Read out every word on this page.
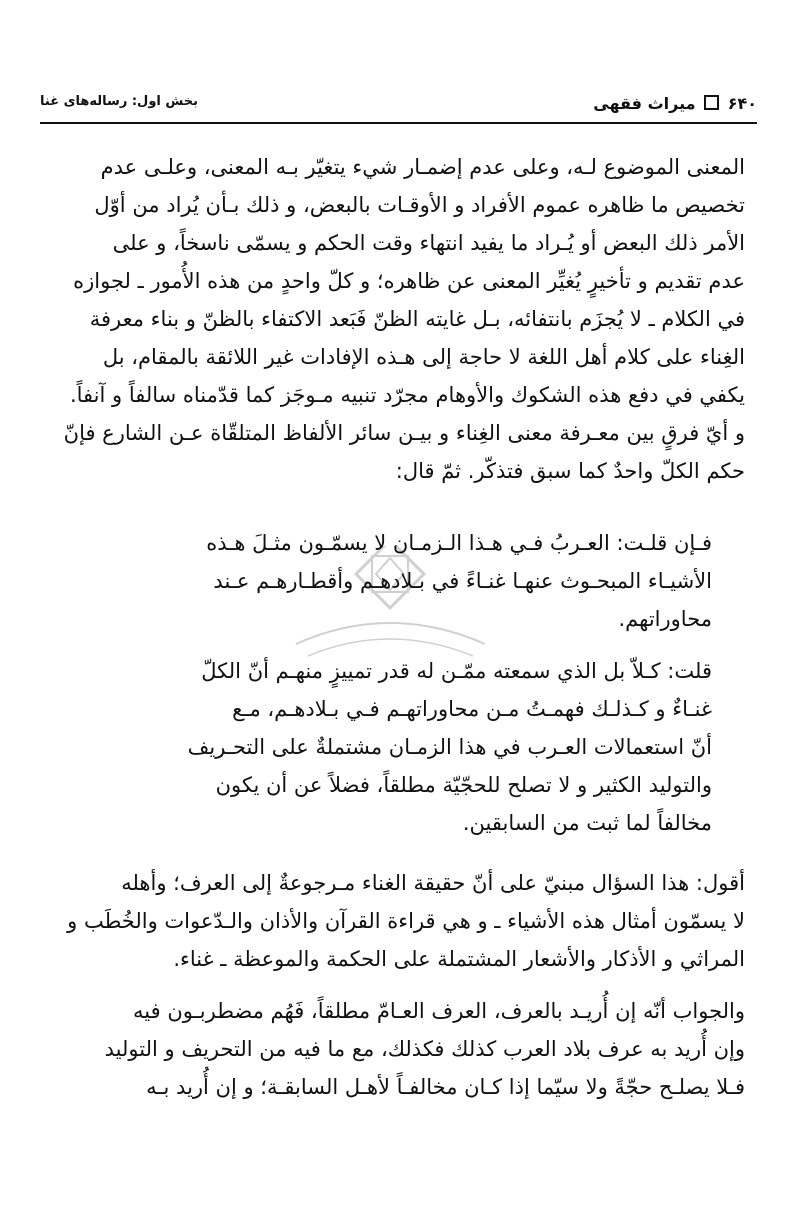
۶۴۰  میراث فقهی
بخش اول: رساله‌های غنا
المعنى الموضوع لـه، وعلى عدم إضمـار شيء يتغيّر بـه المعنى، وعلـى عدم
تخصيص ما ظاهره عموم الأفراد و الأوقـات بالبعض، و ذلك بـأن يُراد من أوّل
الأمر ذلك البعض أو يُـراد ما يفيد انتهاء وقت الحكم و يسمّى ناسخاً، و على
عدم تقديم و تأخيرٍ يُغيِّر المعنى عن ظاهره؛ و كلّ واحدٍ من هذه الأُمور ـ لجوازه
في الكلام ـ لا يُجزَم بانتفائه، بـل غايته الظنّ فَبَعد الاكتفاء بالظنّ و بناء معرفة
الغِناء على كلام أهل اللغة لا حاجة إلى هـذه الإفادات غير اللائقة بالمقام، بل
يكفي في دفع هذه الشكوك والأوهام مجرّد تنبيه مـوجَز كما قدّمناه سالفاً و آنفاً.
و أيّ فرقٍ بين معـرفة معنى الغِناء و بيـن سائر الألفاظ المتلقّاة عـن الشارع فإنّ
حكم الكلّ واحدٌ كما سبق فتذكّر. ثمّ قال:
فـإن قلـت: العـربُ فـي هـذا الـزمـان لا يسمّـون مثـلَ هـذه
الأشيـاء المبحـوث عنهـا غنـاءً في بـلادهـم وأقطـارهـم عـند
محاوراتهم.
قلت: كـلاّ بل الذي سمعته ممّـن له قدر تمييزٍ منهـم أنّ الكلّ
غنـاءٌ و كـذلـك فهمـتُ مـن محاوراتهـم فـي بـلادهـم، مـع
أنّ استعمالات العـرب في هذا الزمـان مشتملةٌ على التحـريف
والتوليد الكثير و لا تصلح للحجّيّة مطلقاً، فضلاً عن أن يكون
مخالفاً لما ثبت من السابقين.
أقول: هذا السؤال مبنيّ على أنّ حقيقة الغناء مـرجوعةٌ إلى العرف؛ وأهله
لا يسمّون أمثال هذه الأشياء ـ و هي قراءة القرآن والأذان والـدّعوات والخُطَب و
المراثي و الأذكار والأشعار المشتملة على الحكمة والموعظة ـ غناء.
والجواب أنّه إن أُريـد بالعرف، العرف العـامّ مطلقاً، فَهُم مضطربـون فيه
وإن أُريد به عرف بلاد العرب كذلك فكذلك، مع ما فيه من التحريف و التوليد
فـلا يصلـح حجّةً ولا سيّما إذا كـان مخالفـاً لأهـل السابقـة؛ و إن أُريد بـه
